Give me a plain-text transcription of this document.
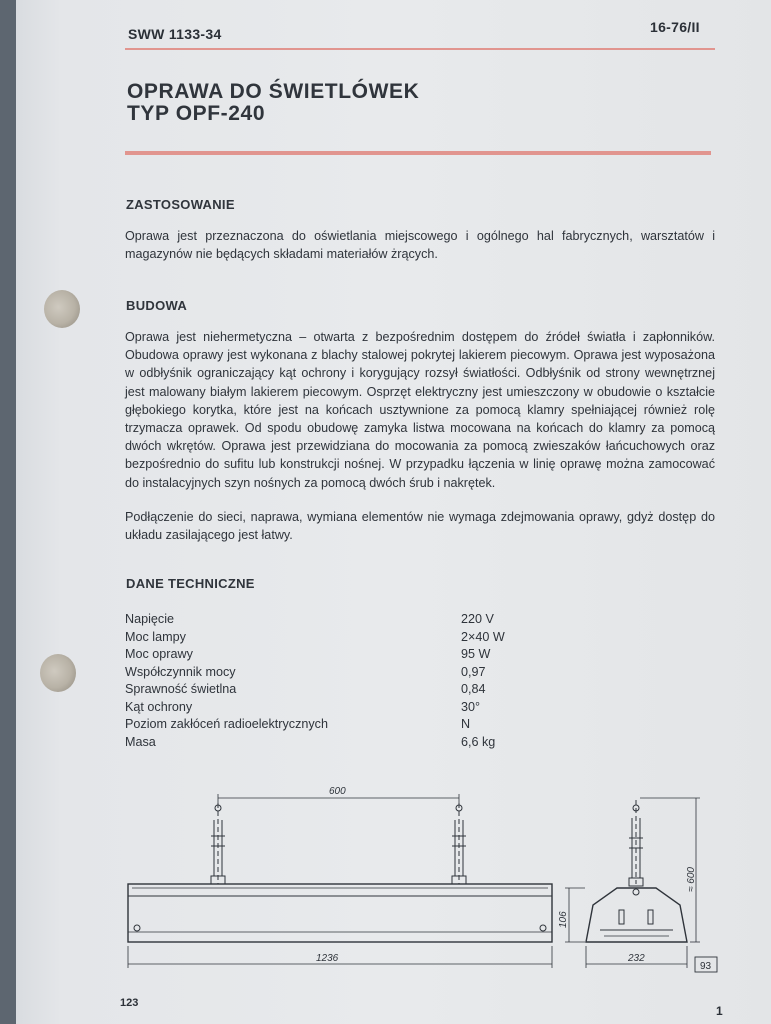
SWW 1133-34	16-76/II
OPRAWA DO ŚWIETLÓWEK
TYP OPF-240
ZASTOSOWANIE
Oprawa jest przeznaczona do oświetlania miejscowego i ogólnego hal fabrycznych, warsztatów i magazynów nie będących składami materiałów żrących.
BUDOWA
Oprawa jest niehermetyczna – otwarta z bezpośrednim dostępem do źródeł światła i zapłonników. Obudowa oprawy jest wykonana z blachy stalowej pokrytej lakierem piecowym. Oprawa jest wyposażona w odbłyśnik ograniczający kąt ochrony i korygujący rozsył światłości. Odbłyśnik od strony wewnętrznej jest malowany białym lakierem piecowym. Osprzęt elektryczny jest umieszczony w obudowie o kształcie głębokiego korytka, które jest na końcach usztywnione za pomocą klamry spełniającej również rolę trzymacza oprawek. Od spodu obudowę zamyka listwa mocowana na końcach do klamry za pomocą dwóch wkrętów. Oprawa jest przewidziana do mocowania za pomocą zwieszaków łańcuchowych oraz bezpośrednio do sufitu lub konstrukcji nośnej. W przypadku łączenia w linię oprawę można zamocować do instalacyjnych szyn nośnych za pomocą dwóch śrub i nakrętek.
Podłączenie do sieci, naprawa, wymiana elementów nie wymaga zdejmowania oprawy, gdyż dostęp do układu zasilającego jest łatwy.
DANE TECHNICZNE
Napięcie	220 V
Moc lampy	2×40 W
Moc oprawy	95 W
Współczynnik mocy	0,97
Sprawność świetlna	0,84
Kąt ochrony	30°
Poziom zakłóceń radioelektrycznych	N
Masa	6,6 kg
600
1236	232
106
≈ 600
93
123
1
